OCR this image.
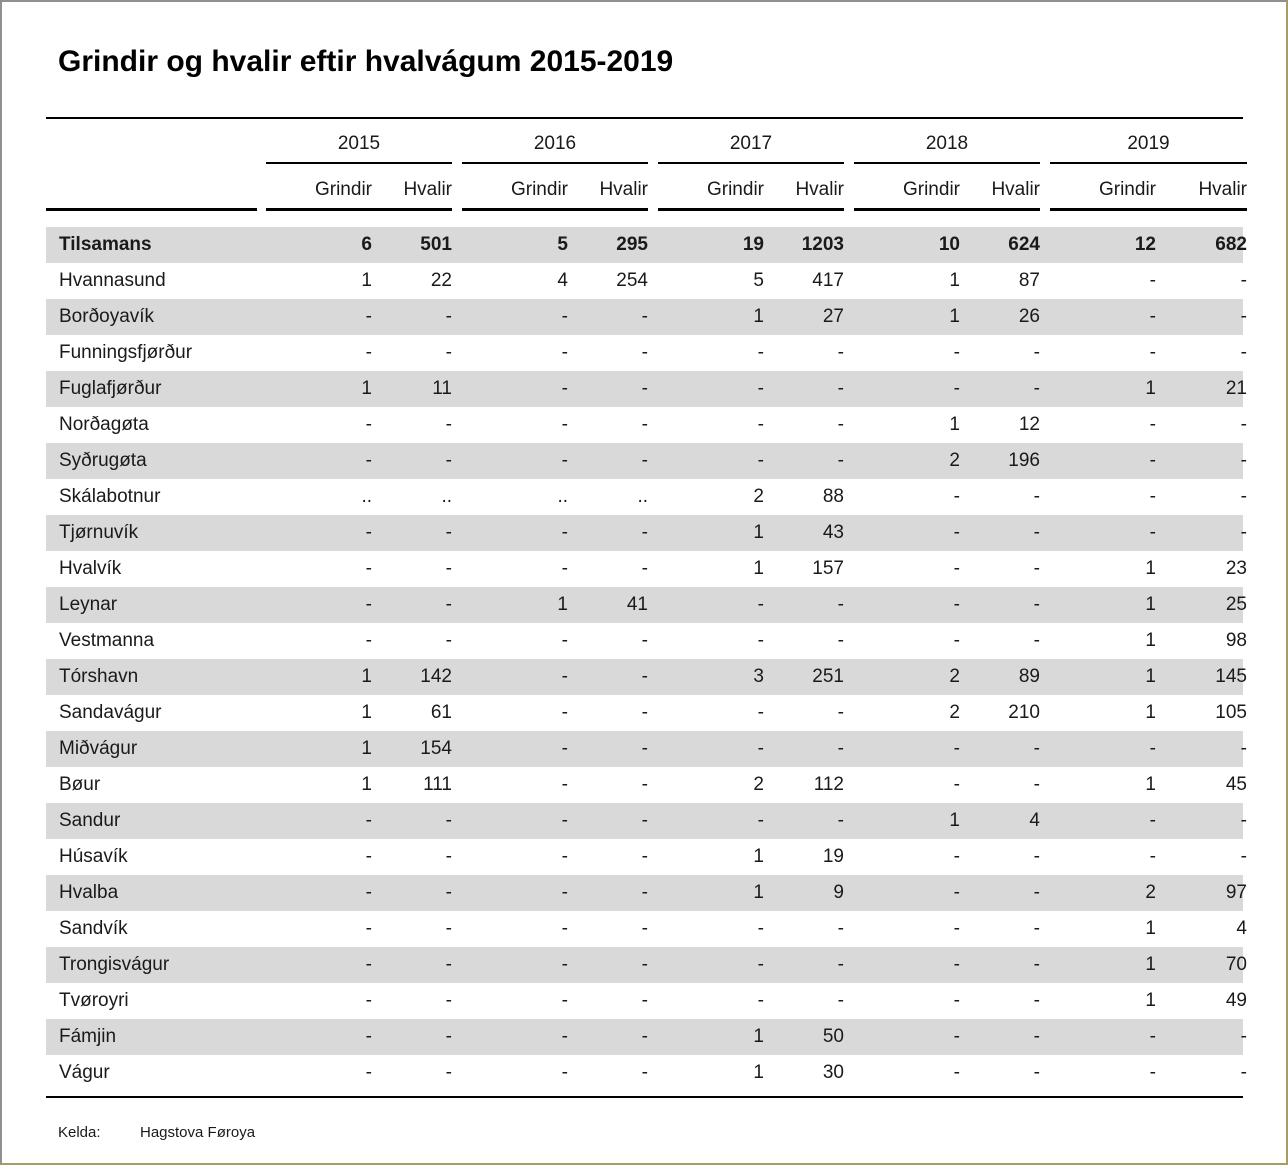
Grindir og hvalir eftir hvalvágum 2015-2019
2015	2016	2017	2018	2019
Grindir	Hvalir	Grindir	Hvalir	Grindir	Hvalir	Grindir	Hvalir	Grindir	Hvalir
Tilsamans	6	501	5	295	19	1203	10	624	12	682
Hvannasund	1	22	4	254	5	417	1	87	-	-
Borðoyavík	-	-	-	-	1	27	1	26	-	-
Funningsfjørður	-	-	-	-	-	-	-	-	-	-
Fuglafjørður	1	11	-	-	-	-	-	-	1	21
Norðagøta	-	-	-	-	-	-	1	12	-	-
Syðrugøta	-	-	-	-	-	-	2	196	-	-
Skálabotnur	..	..	..	..	2	88	-	-	-	-
Tjørnuvík	-	-	-	-	1	43	-	-	-	-
Hvalvík	-	-	-	-	1	157	-	-	1	23
Leynar	-	-	1	41	-	-	-	-	1	25
Vestmanna	-	-	-	-	-	-	-	-	1	98
Tórshavn	1	142	-	-	3	251	2	89	1	145
Sandavágur	1	61	-	-	-	-	2	210	1	105
Miðvágur	1	154	-	-	-	-	-	-	-	-
Bøur	1	111	-	-	2	112	-	-	1	45
Sandur	-	-	-	-	-	-	1	4	-	-
Húsavík	-	-	-	-	1	19	-	-	-	-
Hvalba	-	-	-	-	1	9	-	-	2	97
Sandvík	-	-	-	-	-	-	-	-	1	4
Trongisvágur	-	-	-	-	-	-	-	-	1	70
Tvøroyri	-	-	-	-	-	-	-	-	1	49
Fámjin	-	-	-	-	1	50	-	-	-	-
Vágur	-	-	-	-	1	30	-	-	-	-
Kelda:	Hagstova Føroya
